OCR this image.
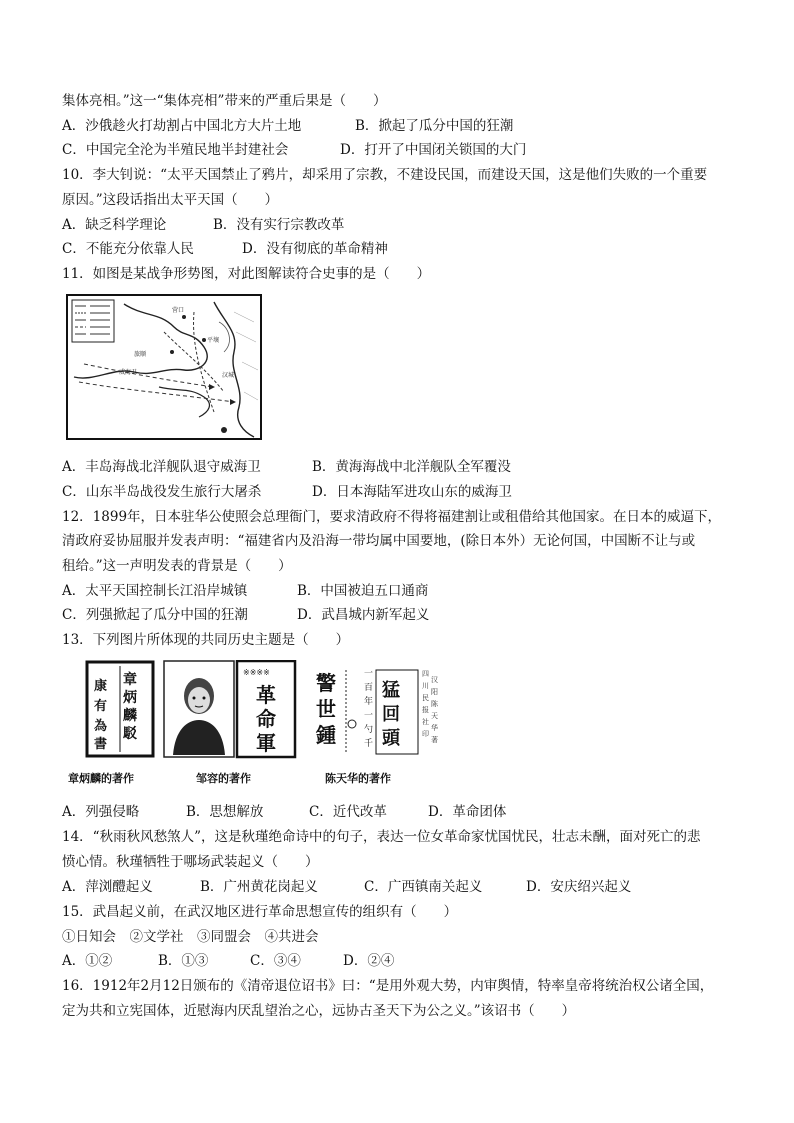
集体亮相。”这一“集体亮相”带来的严重后果是（　　）
A．沙俄趁火打劫割占中国北方大片土地	B．掀起了瓜分中国的狂潮
C．中国完全沦为半殖民地半封建社会	D．打开了中国闭关锁国的大门
10．李大钊说：“太平天国禁止了鸦片，却采用了宗教，不建设民国，而建设天国，这是他们失败的一个重要
原因。”这段话指出太平天国（　　）
A．缺乏科学理论	B．没有实行宗教改革
C．不能充分依靠人民	D．没有彻底的革命精神
11．如图是某战争形势图，对此图解读符合史事的是（　　）
营口
旅顺
威海卫
平壤
汉城
A．丰岛海战北洋舰队退守威海卫	B．黄海海战中北洋舰队全军覆没
C．山东半岛战役发生旅行大屠杀	D．日本海陆军进攻山东的威海卫
12．1899年，日本驻华公使照会总理衙门，要求清政府不得将福建割让或租借给其他国家。在日本的威逼下，
清政府妥协屈服并发表声明：“福建省内及沿海一带均属中国要地，(除日本外）无论何国，中国断不让与或
租给。”这一声明发表的背景是（　　）
A．太平天国控制长江沿岸城镇	B．中国被迫五口通商
C．列强掀起了瓜分中国的狂潮	D．武昌城内新军起义
13．下列图片所体现的共同历史主题是（　　）
章
炳
麟
駁
康
有
為
書
章炳麟的著作
※※※※
革
命
軍
邹容的著作
警
世
鍾
一
百
年
一
勺
千
猛
回
頭
四
川
民
报
社
印
汉
阳
陈
天
华
著
陈天华的著作
A．列强侵略	B．思想解放	C．近代改革	D．革命团体
14．“秋雨秋风愁煞人”，这是秋瑾绝命诗中的句子，表达一位女革命家忧国忧民，壮志未酬，面对死亡的悲
愤心情。秋瑾牺牲于哪场武装起义（　　）
A．萍浏醴起义	B．广州黄花岗起义	C．广西镇南关起义	D．安庆绍兴起义
15．武昌起义前，在武汉地区进行革命思想宣传的组织有（　　）
①日知会　②文学社　③同盟会　④共进会
A．①②	B．①③	C．③④	D．②④
16．1912年2月12日颁布的《清帝退位诏书》曰：“是用外观大势，内审舆情，特率皇帝将统治权公诸全国，
定为共和立宪国体，近慰海内厌乱望治之心，远协古圣天下为公之义。”该诏书（　　）
